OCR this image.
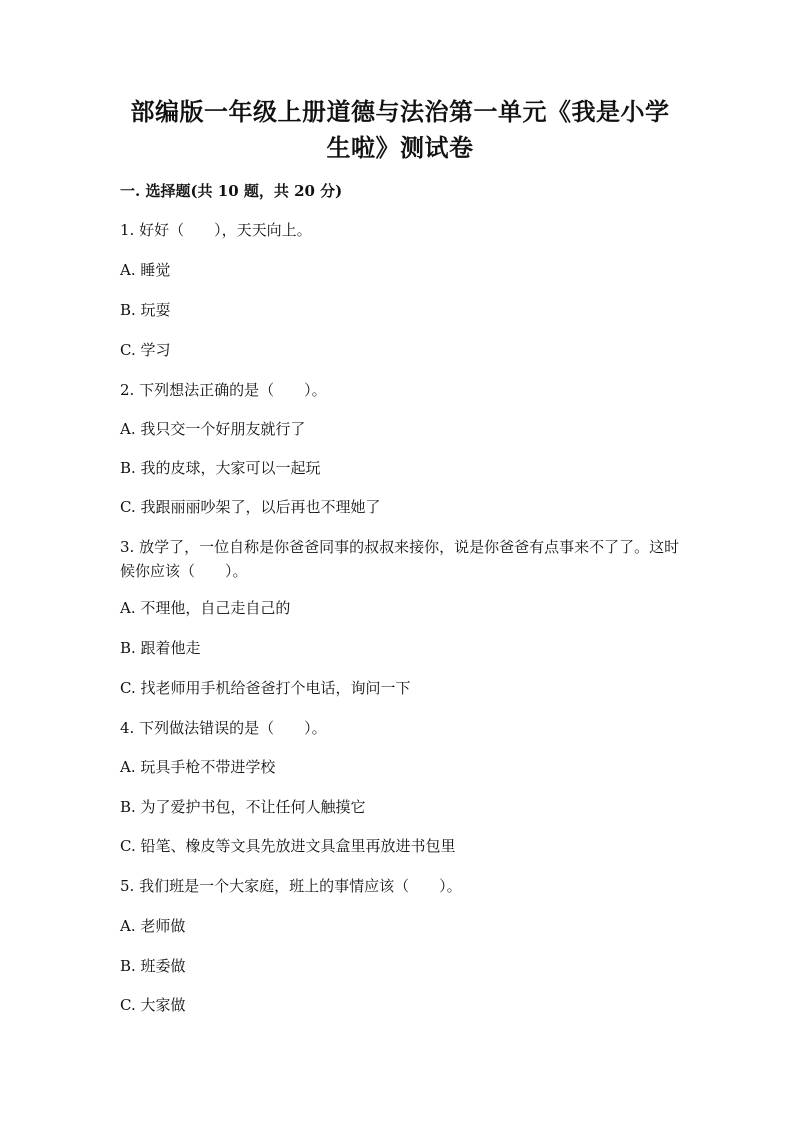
部编版一年级上册道德与法治第一单元《我是小学生啦》测试卷

一. 选择题(共 10 题，共 20 分)

1. 好好（　　），天天向上。

A. 睡觉

B. 玩耍

C. 学习

2. 下列想法正确的是（　　）。

A. 我只交一个好朋友就行了

B. 我的皮球，大家可以一起玩

C. 我跟丽丽吵架了，以后再也不理她了

3. 放学了，一位自称是你爸爸同事的叔叔来接你，说是你爸爸有点事来不了了。这时候你应该（　　）。

A. 不理他，自己走自己的

B. 跟着他走

C. 找老师用手机给爸爸打个电话，询问一下

4. 下列做法错误的是（　　）。

A. 玩具手枪不带进学校

B. 为了爱护书包，不让任何人触摸它

C. 铅笔、橡皮等文具先放进文具盒里再放进书包里

5. 我们班是一个大家庭，班上的事情应该（　　）。

A. 老师做

B. 班委做

C. 大家做
